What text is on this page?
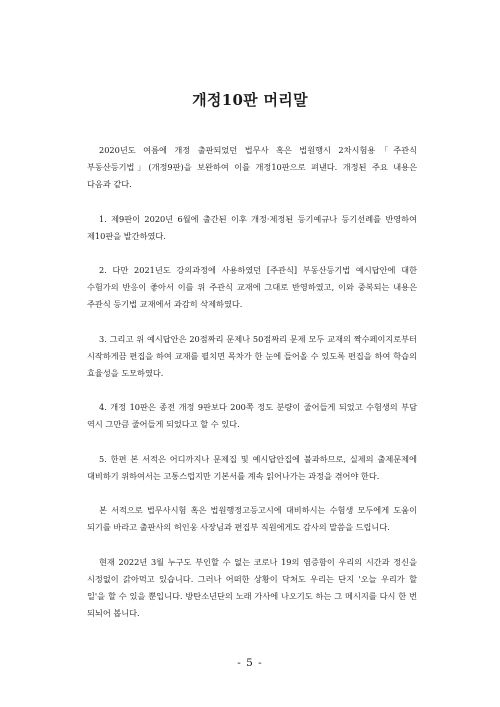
개정10판 머리말

2020년도 여름에 개정 출판되었던 법무사 혹은 법원행시 2차시험용「주관식 부동산등기법」(개정9판)을 보완하여 이를 개정10판으로 펴낸다. 개정된 주요 내용은 다음과 같다.

1. 제9판이 2020년 6월에 출간된 이후 개정·제정된 등기예규나 등기선례를 반영하여 제10판을 발간하였다.

2. 다만 2021년도 강의과정에 사용하였던 [주관식] 부동산등기법 예시답안에 대한 수험가의 반응이 좋아서 이를 위 주관식 교재에 그대로 반영하였고, 이와 중복되는 내용은 주관식 등기법 교재에서 과감히 삭제하였다.

3. 그리고 위 예시답안은 20점짜리 문제나 50점짜리 문제 모두 교재의 짝수페이지로부터 시작하게끔 편집을 하여 교재를 펼치면 목차가 한 눈에 들어올 수 있도록 편집을 하여 학습의 효율성을 도모하였다.

4. 개정 10판은 종전 개정 9판보다 200쪽 정도 분량이 줄어들게 되었고 수험생의 부담 역시 그만큼 줄어들게 되었다고 할 수 있다.

5. 한편 본 서적은 어디까지나 문제집 및 예시답안집에 불과하므로, 실제의 출제문제에 대비하기 위하여서는 고통스럽지만 기본서를 계속 읽어나가는 과정을 겪어야 한다.

본 서적으로 법무사시험 혹은 법원행정고등고시에 대비하시는 수험생 모두에게 도움이 되기를 바라고 출판사의 허인웅 사장님과 편집부 직원에게도 감사의 말씀을 드립니다.

현재 2022년 3월 누구도 부인할 수 없는 코로나 19의 염증함이 우리의 시간과 정신을 시정없이 갉아먹고 있습니다. 그러나 어떠한 상황이 닥쳐도 우리는 단지 '오늘 우리가 할 일'을 할 수 있을 뿐입니다. 방탄소년단의 노래 가사에 나오기도 하는 그 메시지를 다시 한 번 되뇌어 봅니다.

- 5 -
